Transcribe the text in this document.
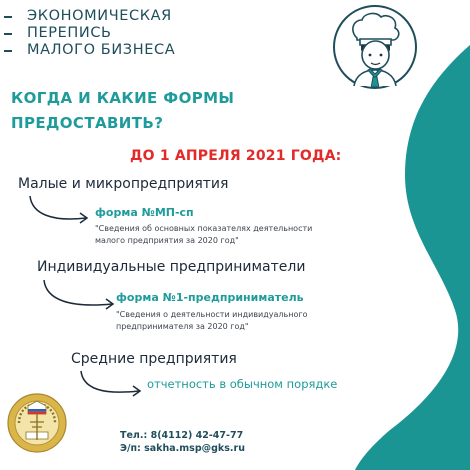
ЭКОНОМИЧЕСКАЯ
ПЕРЕПИСЬ
МАЛОГО БИЗНЕСА
КОГДА И КАКИЕ ФОРМЫ
ПРЕДОСТАВИТЬ?
ДО 1 АПРЕЛЯ 2021 ГОДА:
Малые и микропредприятия
форма №МП-сп
"Сведения об основных показателях деятельности
малого предприятия за 2020 год"
Индивидуальные предприниматели
форма №1-предприниматель
"Сведения о деятельности индивидуального
предпринимателя за 2020 год"
Средние предприятия
отчетность в обычном порядке
Тел.: 8(4112) 42-47-77
Э/п: sakha.msp@gks.ru
